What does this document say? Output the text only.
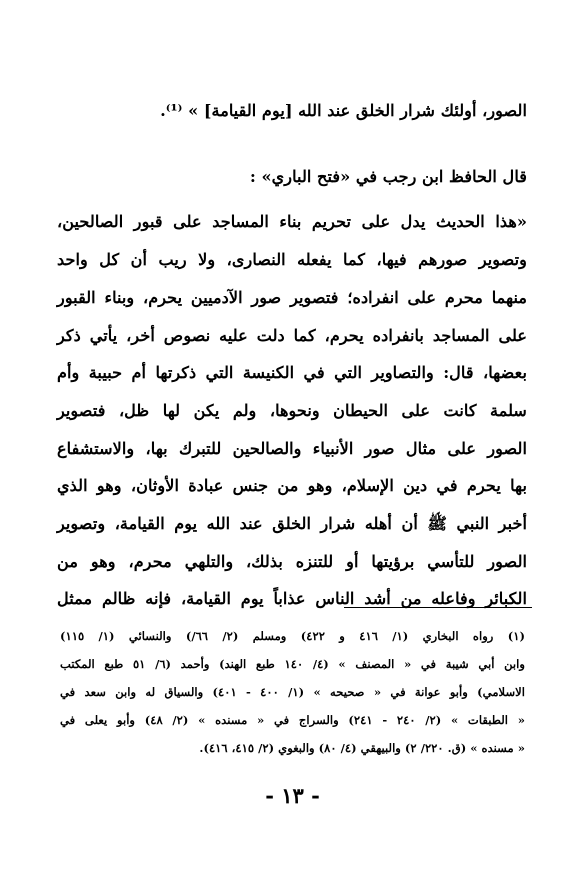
الصور، أولئك شرار الخلق عند الله [يوم القيامة] » ⁽¹⁾.
قال الحافظ ابن رجب في «فتح الباري» :
«هذا الحديث يدل على تحريم بناء المساجد على قبور الصالحين،
وتصوير صورهم فيها، كما يفعله النصارى، ولا ريب أن كل واحد
منهما محرم على انفراده؛ فتصوير صور الآدميين يحرم، وبناء القبور
على المساجد بانفراده يحرم، كما دلت عليه نصوص أخر، يأتي ذكر
بعضها، قال: والتصاوير التي في الكنيسة التي ذكرتها أم حبيبة وأم
سلمة كانت على الحيطان ونحوها، ولم يكن لها ظل، فتصوير
الصور على مثال صور الأنبياء والصالحين للتبرك بها، والاستشفاع
بها يحرم في دين الإسلام، وهو من جنس عبادة الأوثان، وهو الذي
أخبر النبي ﷺ أن أهله شرار الخلق عند الله يوم القيامة، وتصوير
الصور للتأسي برؤيتها أو للتنزه بذلك، والتلهي محرم، وهو من
الكبائر وفاعله من أشد الناس عذاباً يوم القيامة، فإنه ظالم ممثل
(١) رواه البخاري (١/ ٤١٦ و ٤٢٢) ومسلم (٢/ ٦٦/) والنسائي (١/ ١١٥)
وابن أبي شيبة في « المصنف » (٤/ ١٤٠ طبع الهند) وأحمد (٦/ ٥١ طبع المكتب
الاسلامي) وأبو عوانة في « صحيحه » (١/ ٤٠٠ - ٤٠١) والسياق له وابن سعد في
« الطبقات » (٢/ ٢٤٠ - ٢٤١) والسراج في « مسنده » (٢/ ٤٨) وأبو يعلى في
« مسنده » (ق. ٢٢٠/ ٢) والبيهقي (٤/ ٨٠) والبغوي (٢/ ٤١٥، ٤١٦).
- ١٣ -
